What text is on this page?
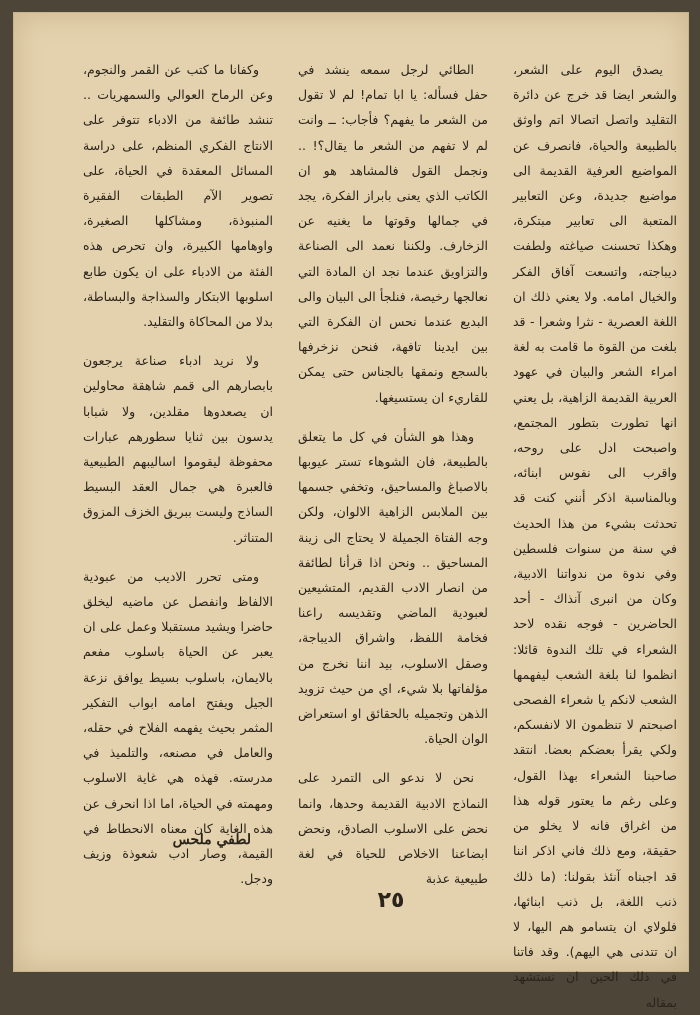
يصدق اليوم على الشعر، والشعر ايضا قد خرج عن دائرة التقليد واتصل اتصالا اتم واوثق بالطبيعة والحياة، فانصرف عن المواضيع العرفية القديمة الى مواضيع جديدة، وعن التعابير المتعبة الى تعابير مبتكرة، وهكذا تحسنت صياغته ولطفت ديباجته، واتسعت آفاق الفكر والخيال امامه. ولا يعني ذلك ان اللغة العصرية - نثرا وشعرا - قد بلغت من القوة ما قامت به لغة امراء الشعر والبيان في عهود العربية القديمة الزاهية، بل يعني انها تطورت بتطور المجتمع، واصبحت ادل على روحه، واقرب الى نفوس ابنائه، وبالمناسبة اذكر أنني كنت قد تحدثت بشيء من هذا الحديث في سنة من سنوات فلسطين وفي ندوة من ندواتنا الادبية، وكان من انبرى آنذاك - أحد الحاضرين - فوجه نقده لاحد الشعراء في تلك الندوة قائلا: انظموا لنا بلغة الشعب ليفهمها الشعب لانكم يا شعراء الفصحى اصبحتم لا تنظمون الا لانفسكم، ولكي يقرأ بعضكم بعضا. انتقد صاحبنا الشعراء بهذا القول، وعلى رغم ما يعتور قوله هذا من اغراق فانه لا يخلو من حقيقة، ومع ذلك فاني اذكر اننا قد اجبناه آنئذ بقولنا: (ما ذلك ذنب اللغة، بل ذنب ابنائها، فلولاي ان يتسامو هم اليها، لا ان تتدنى هي اليهم). وقد فاتنا في ذلك الحين ان نستشهد بمقاله

الطائي لرجل سمعه ينشد في حفل فسأله: يا ابا تمام! لم لا تقول من الشعر ما يفهم؟ فأجاب: ــ وانت لم لا تفهم من الشعر ما يقال؟! .. ونجمل القول فالمشاهد هو ان الكاتب الذي يعنى بابراز الفكرة، يجد في جمالها وقوتها ما يغنيه عن الزخارف. ولكننا نعمد الى الصناعة والتزاويق عندما نجد ان المادة التي نعالجها رخيصة، فنلجأ الى البيان والى البديع عندما نحس ان الفكرة التي بين ايدينا تافهة، فنحن نزخرفها بالسجع ونمقها بالجناس حتى يمكن للقاريء ان يستسيغها.

وهذا هو الشأن في كل ما يتعلق بالطبيعة، فان الشوهاء تستر عيوبها بالاصباغ والمساحيق، وتخفي جسمها بين الملابس الزاهية الالوان، ولكن وجه الفتاة الجميلة لا يحتاج الى زينة المساحيق .. ونحن اذا قرأنا لطائفة من انصار الادب القديم، المتشيعين لعبودية الماضي وتقديسه راعنا فخامة اللفظ، واشراق الديباجة، وصقل الاسلوب، بيد اننا نخرج من مؤلفاتها بلا شيء، اي من حيث تزويد الذهن وتجميله بالحقائق او استعراض الوان الحياة.

نحن لا ندعو الى التمرد على النماذج الادبية القديمة وحدها، وانما نحض على الاسلوب الصادق، ونحض ابضاعنا الاخلاص للحياة في لغة طبيعية عذبة

وكفانا ما كتب عن القمر والنجوم، وعن الرماح العوالي والسمهريات .. تنشد طائفة من الادباء تتوفر على الانتاج الفكري المنظم، على دراسة المسائل المعقدة في الحياة، على تصوير الآم الطبقات الفقيرة المنبوذة، ومشاكلها الصغيرة، واوهامها الكبيرة، وان تحرص هذه الفئة من الادباء على ان يكون طابع اسلوبها الابتكار والسذاجة والبساطة، بدلا من المحاكاة والتقليد.

ولا نريد ادباء صناعة يرجعون بابصارهم الى قمم شاهقة محاولين ان يصعدوها مقلدين، ولا شبابا يدسون بين ثنايا سطورهم عبارات محفوظة ليقوموا اساليبهم الطبيعية فالعبرة هي جمال العقد البسيط الساذج وليست ببريق الخزف المزوق المتناثر.

ومتى تحرر الاديب من عبودية الالفاظ وانفصل عن ماضيه ليخلق حاضرا ويشيد مستقبلا وعمل على ان يعبر عن الحياة باسلوب مفعم بالايمان، باسلوب بسيط يوافق نزعة الجيل ويفتح امامه ابواب التفكير المثمر بحيث يفهمه الفلاح في حقله، والعامل في مصنعه، والتلميذ في مدرسته. فهذه هي غاية الاسلوب ومهمته في الحياة، اما اذا انحرف عن هذه الغاية كان معناه الانحطاط في القيمة، وصار ادب شعوذة وزيف ودجل.

لطفي ملحس
٢٥
